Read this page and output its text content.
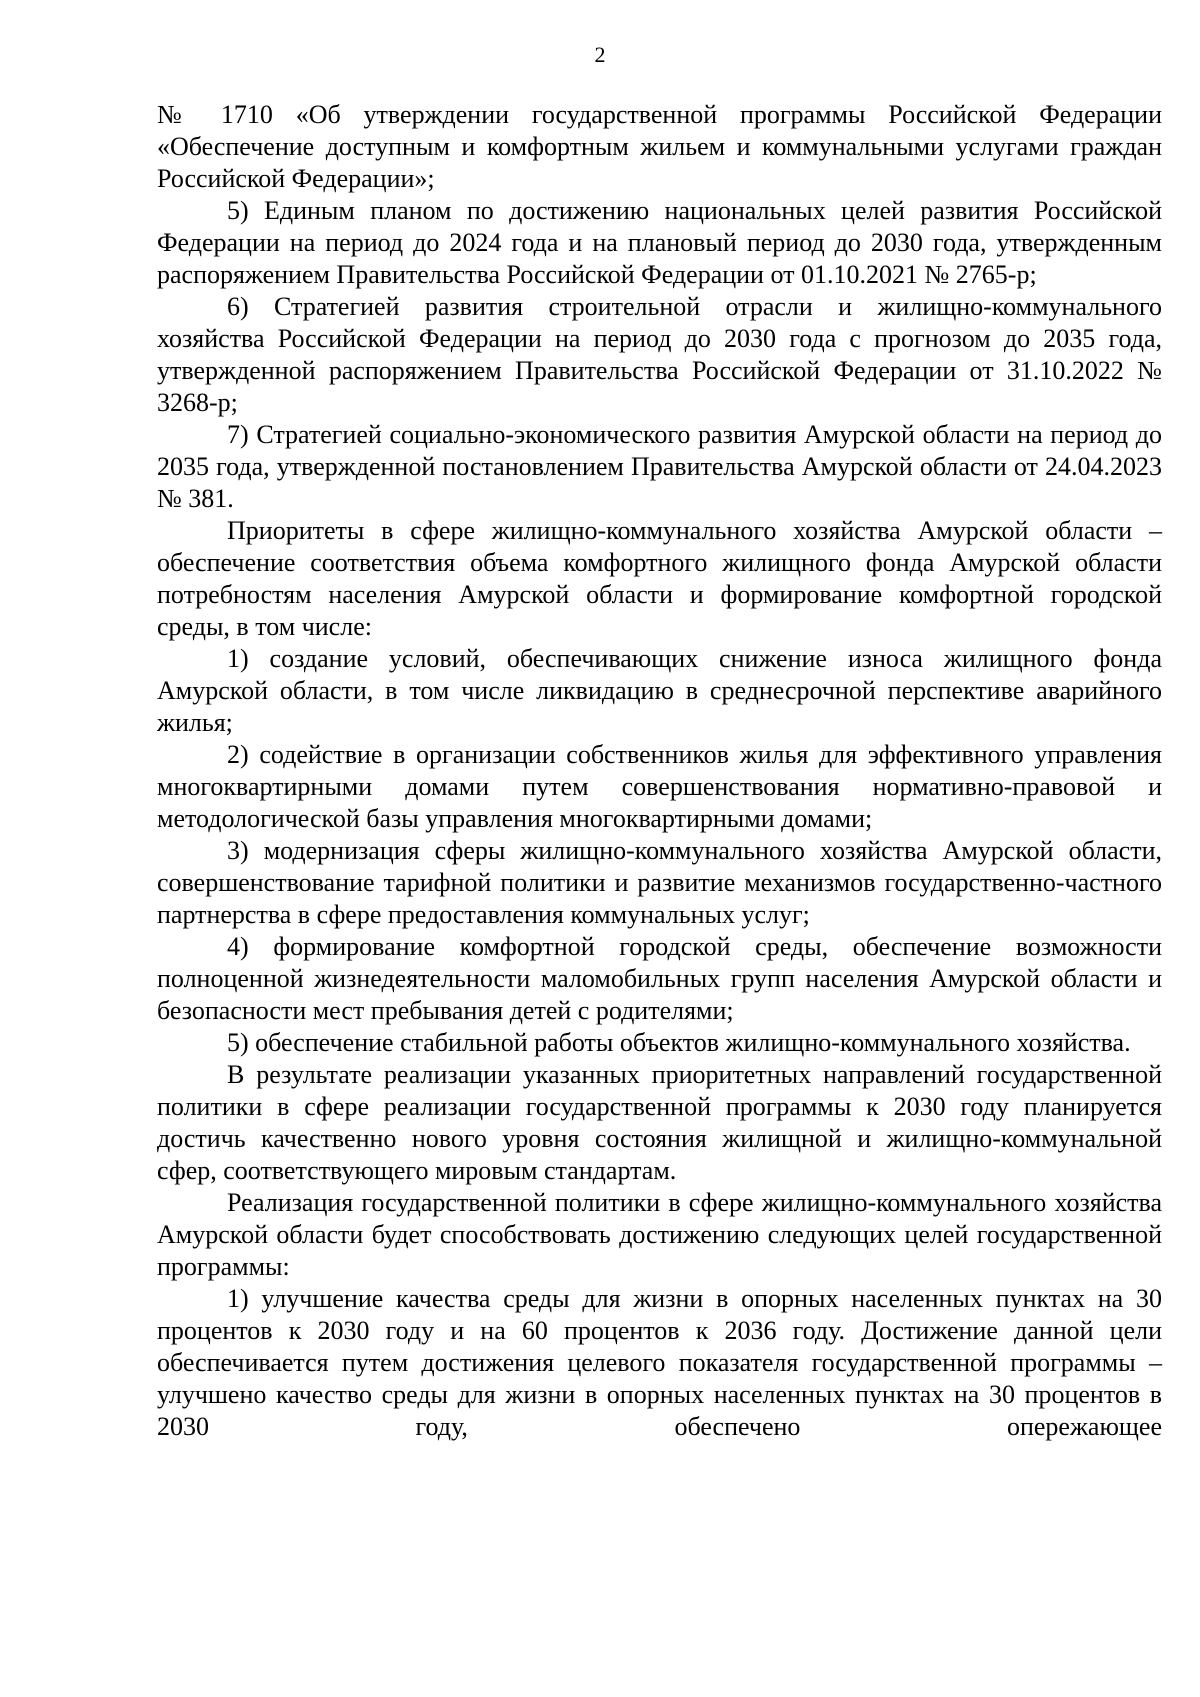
2

№ 1710 «Об утверждении государственной программы Российской Федерации «Обеспечение доступным и комфортным жильем и коммунальными услугами граждан Российской Федерации»;

5) Единым планом по достижению национальных целей развития Российской Федерации на период до 2024 года и на плановый период до 2030 года, утвержденным распоряжением Правительства Российской Федерации от 01.10.2021 № 2765-р;

6) Стратегией развития строительной отрасли и жилищно-коммунального хозяйства Российской Федерации на период до 2030 года с прогнозом до 2035 года, утвержденной распоряжением Правительства Российской Федерации от 31.10.2022 № 3268-р;

7) Стратегией социально-экономического развития Амурской области на период до 2035 года, утвержденной постановлением Правительства Амурской области от 24.04.2023 № 381.

Приоритеты в сфере жилищно-коммунального хозяйства Амурской области – обеспечение соответствия объема комфортного жилищного фонда Амурской области потребностям населения Амурской области и формирование комфортной городской среды, в том числе:

1) создание условий, обеспечивающих снижение износа жилищного фонда Амурской области, в том числе ликвидацию в среднесрочной перспективе аварийного жилья;

2) содействие в организации собственников жилья для эффективного управления многоквартирными домами путем совершенствования нормативно-правовой и методологической базы управления многоквартирными домами;

3) модернизация сферы жилищно-коммунального хозяйства Амурской области, совершенствование тарифной политики и развитие механизмов государственно-частного партнерства в сфере предоставления коммунальных услуг;

4) формирование комфортной городской среды, обеспечение возможности полноценной жизнедеятельности маломобильных групп населения Амурской области и безопасности мест пребывания детей с родителями;

5) обеспечение стабильной работы объектов жилищно-коммунального хозяйства.

В результате реализации указанных приоритетных направлений государственной политики в сфере реализации государственной программы к 2030 году планируется достичь качественно нового уровня состояния жилищной и жилищно-коммунальной сфер, соответствующего мировым стандартам.

Реализация государственной политики в сфере жилищно-коммунального хозяйства Амурской области будет способствовать достижению следующих целей государственной программы:

1) улучшение качества среды для жизни в опорных населенных пунктах на 30 процентов к 2030 году и на 60 процентов к 2036 году. Достижение данной цели обеспечивается путем достижения целевого показателя государственной программы – улучшено качество среды для жизни в опорных населенных пунктах на 30 процентов в 2030 году, обеспечено опережающее
